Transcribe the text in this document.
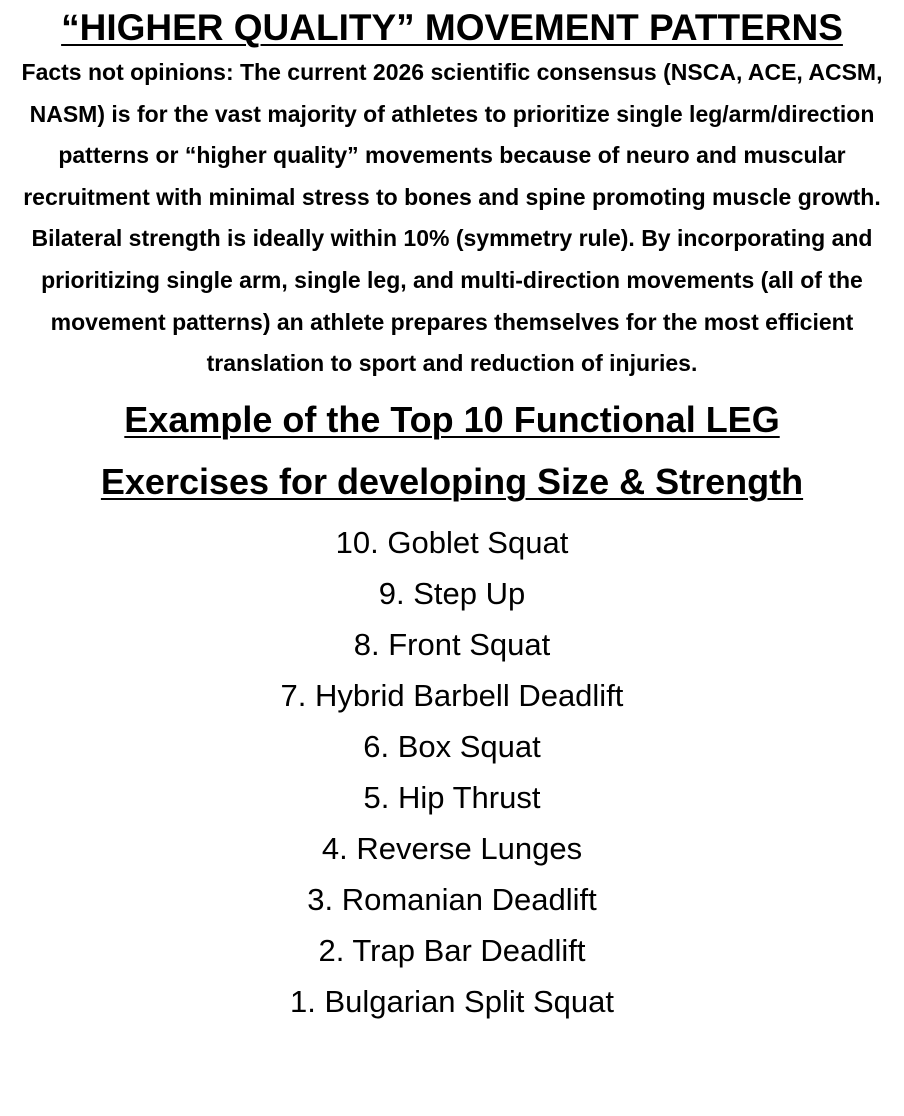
“HIGHER QUALITY” MOVEMENT PATTERNS

Facts not opinions: The current 2026 scientific consensus (NSCA, ACE, ACSM, NASM) is for the vast majority of athletes to prioritize single leg/arm/direction patterns or “higher quality” movements because of neuro and muscular recruitment with minimal stress to bones and spine promoting muscle growth.

Bilateral strength is ideally within 10% (symmetry rule). By incorporating and prioritizing single arm, single leg, and multi-direction movements (all of the movement patterns) an athlete prepares themselves for the most efficient translation to sport and reduction of injuries.

Example of the Top 10 Functional LEG
Exercises for developing Size & Strength
10. Goblet Squat
9. Step Up
8. Front Squat
7. Hybrid Barbell Deadlift
6. Box Squat
5. Hip Thrust
4. Reverse Lunges
3. Romanian Deadlift
2. Trap Bar Deadlift
1. Bulgarian Split Squat
